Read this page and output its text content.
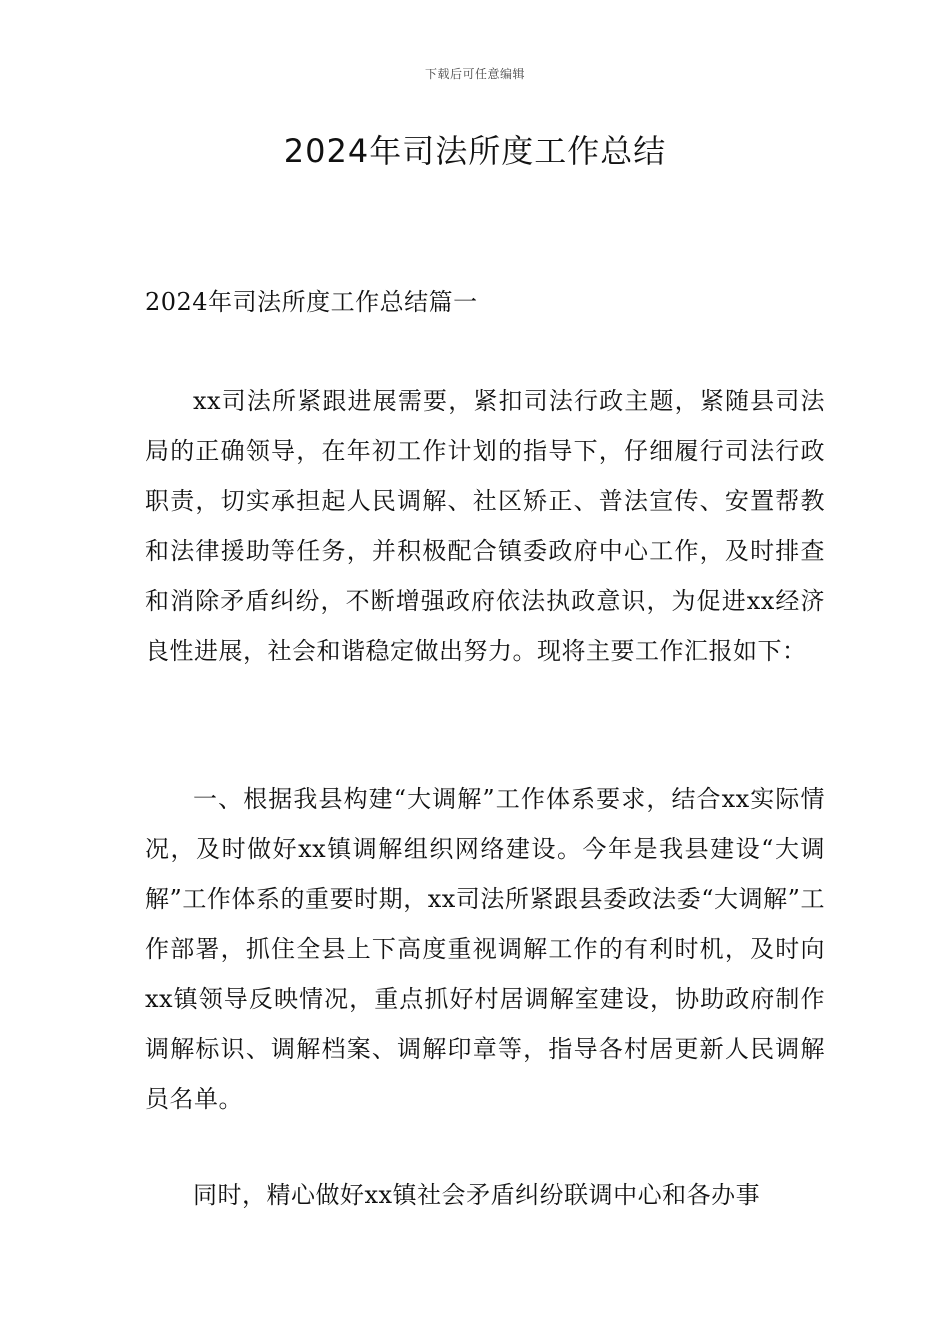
下载后可任意编辑
2024年司法所度工作总结
2024年司法所度工作总结篇一

xx司法所紧跟进展需要，紧扣司法行政主题，紧随县司法局的正确领导，在年初工作计划的指导下，仔细履行司法行政职责，切实承担起人民调解、社区矫正、普法宣传、安置帮教和法律援助等任务，并积极配合镇委政府中心工作，及时排查和消除矛盾纠纷，不断增强政府依法执政意识，为促进xx经济良性进展，社会和谐稳定做出努力。现将主要工作汇报如下：

一、根据我县构建“大调解”工作体系要求，结合xx实际情况，及时做好xx镇调解组织网络建设。今年是我县建设“大调解”工作体系的重要时期，xx司法所紧跟县委政法委“大调解”工作部署，抓住全县上下高度重视调解工作的有利时机，及时向xx镇领导反映情况，重点抓好村居调解室建设，协助政府制作调解标识、调解档案、调解印章等，指导各村居更新人民调解员名单。

同时，精心做好xx镇社会矛盾纠纷联调中心和各办事
